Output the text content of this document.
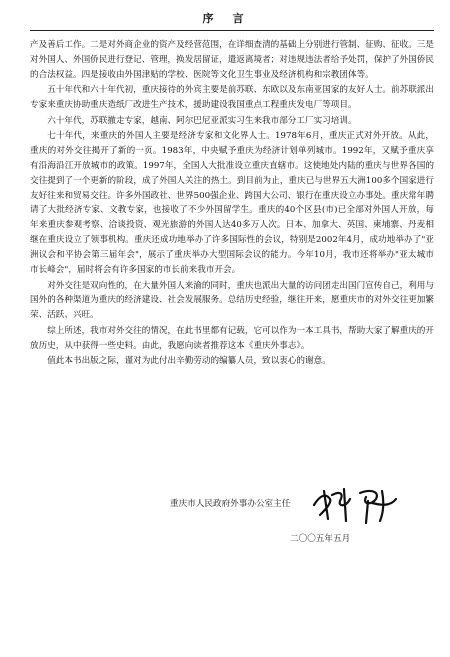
序　言

产及善后工作。二是对外商企业的资产及经营范围，在详细查清的基础上分别进行管制、征购、征收。三是对外国人、外国侨民进行登记、管理，换发居留证，遣返离境者；对违规违法者给予处罚，保护了外国侨民的合法权益。四是接收由外国津贴的学校、医院等文化卫生事业及经济机构和宗教团体等。

五十年代和六十年代初，重庆接待的外宾主要是前苏联、东欧以及东南亚国家的友好人士。前苏联派出专家来重庆协助重庆造纸厂改进生产技术，援助建设我国重点工程重庆发电厂等项目。

六十年代，苏联撤走专家，越南、阿尔巴尼亚派实习生来我市部分工厂实习培训。

七十年代，来重庆的外国人主要是经济专家和文化界人士。1978年6月，重庆正式对外开放。从此，重庆的对外交往揭开了新的一页。1983年，中央赋予重庆为经济计划单列城市。1992年，又赋予重庆享有沿海沿江开放城市的政策。1997年，全国人大批准设立重庆直辖市。这使地处内陆的重庆与世界各国的交往提到了一个更新的阶段，成了外国人关注的热土。到目前为止，重庆已与世界五大洲100多个国家进行友好往来和贸易交往。许多外国政社、世界500强企业、跨国大公司、银行在重庆设立办事处。重庆常年聘请了大批经济专家、文教专家，也接收了不少外国留学生。重庆的40个区县(市)已全部对外国人开放，每年来重庆参观考察、洽谈投资、观光旅游的外国人达40多万人次。日本、加拿大、英国、柬埔寨、丹麦相继在重庆设立了领事机构。重庆还成功地举办了许多国际性的会议，特别是2002年4月，成功地举办了"亚洲议会和平协会第三届年会"，展示了重庆举办大型国际会议的能力。今年10月，我市还将举办"亚太城市市长峰会"，届时将会有许多国家的市长前来我市开会。

对外交往是双向性的，在大量外国人来渝的同时，重庆也派出大量的访问团走出国门宣传自己，利用与国外的各种渠道为重庆的经济建设、社会发展服务。总结历史经验，继往开来，愿重庆市的对外交往更加繁荣、活跃、兴旺。

综上所述，我市对外交往的情况，在此书里都有记载，它可以作为一本工具书，帮助大家了解重庆的开放历史，从中获得一些史料。由此，我愿向读者推荐这本《重庆外事志》。

值此本书出版之际，谨对为此付出辛勤劳动的编纂人员，致以衷心的谢意。

重庆市人民政府外事办公室主任
二〇〇五年五月
